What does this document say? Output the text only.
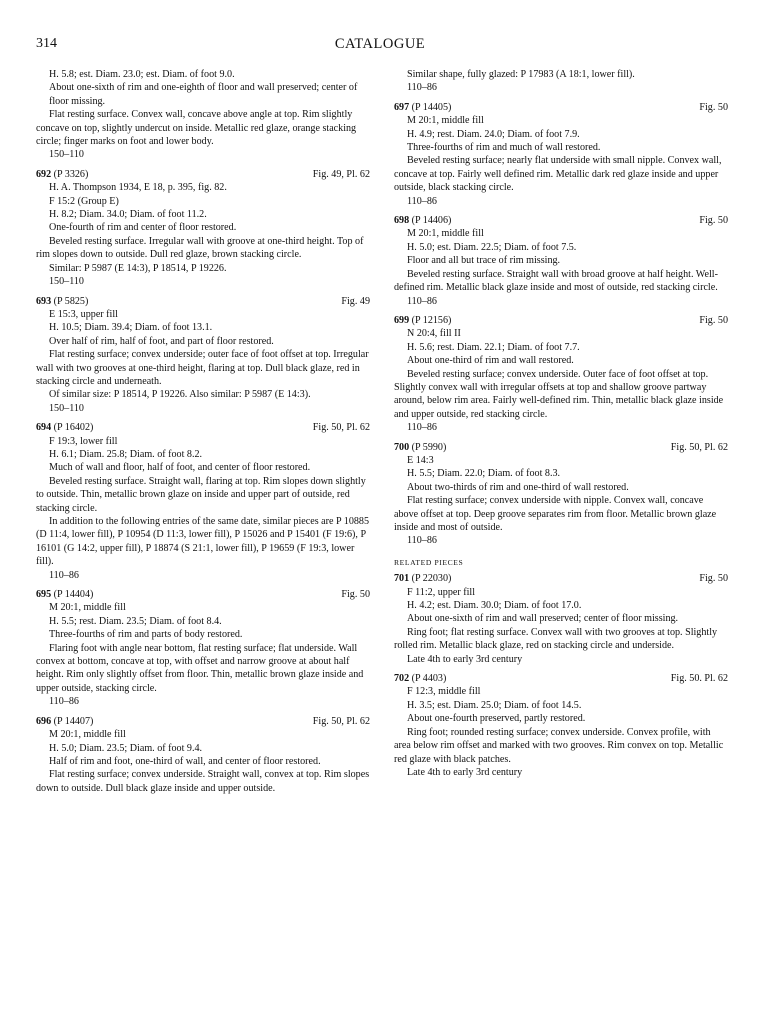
314	CATALOGUE

H. 5.8; est. Diam. 23.0; est. Diam. of foot 9.0.

About one-sixth of rim and one-eighth of floor and wall preserved; center of floor missing.

Flat resting surface. Convex wall, concave above angle at top. Rim slightly concave on top, slightly undercut on inside. Metallic red glaze, orange stacking circle; finger marks on foot and lower body.

150–110

692 (P 3326)	Fig. 49, Pl. 62

H. A. Thompson 1934, E 18, p. 395, fig. 82.

F 15:2 (Group E)

H. 8.2; Diam. 34.0; Diam. of foot 11.2.

One-fourth of rim and center of floor restored.

Beveled resting surface. Irregular wall with groove at one-third height. Top of rim slopes down to outside. Dull red glaze, brown stacking circle.

Similar: P 5987 (E 14:3), P 18514, P 19226.

150–110

693 (P 5825)	Fig. 49

E 15:3, upper fill

H. 10.5; Diam. 39.4; Diam. of foot 13.1.

Over half of rim, half of foot, and part of floor restored.

Flat resting surface; convex underside; outer face of foot offset at top. Irregular wall with two grooves at one-third height, flaring at top. Dull black glaze, red in stacking circle and underneath.

Of similar size: P 18514, P 19226. Also similar: P 5987 (E 14:3).

150–110

694 (P 16402)	Fig. 50, Pl. 62

F 19:3, lower fill

H. 6.1; Diam. 25.8; Diam. of foot 8.2.

Much of wall and floor, half of foot, and center of floor restored.

Beveled resting surface. Straight wall, flaring at top. Rim slopes down slightly to outside. Thin, metallic brown glaze on inside and upper part of outside, red stacking circle.

In addition to the following entries of the same date, similar pieces are P 10885 (D 11:4, lower fill), P 10954 (D 11:3, lower fill), P 15026 and P 15401 (F 19:6), P 16101 (G 14:2, upper fill), P 18874 (S 21:1, lower fill), P 19659 (F 19:3, lower fill).

110–86

695 (P 14404)	Fig. 50

M 20:1, middle fill

H. 5.5; rest. Diam. 23.5; Diam. of foot 8.4.

Three-fourths of rim and parts of body restored.

Flaring foot with angle near bottom, flat resting surface; flat underside. Wall convex at bottom, concave at top, with offset and narrow groove at about half height. Rim only slightly offset from floor. Thin, metallic brown glaze inside and upper outside, stacking circle.

110–86

696 (P 14407)	Fig. 50, Pl. 62

M 20:1, middle fill

H. 5.0; Diam. 23.5; Diam. of foot 9.4.

Half of rim and foot, one-third of wall, and center of floor restored.

Flat resting surface; convex underside. Straight wall, convex at top. Rim slopes down to outside. Dull black glaze inside and upper outside.

Similar shape, fully glazed: P 17983 (A 18:1, lower fill).

110–86

697 (P 14405)	Fig. 50

M 20:1, middle fill

H. 4.9; rest. Diam. 24.0; Diam. of foot 7.9.

Three-fourths of rim and much of wall restored.

Beveled resting surface; nearly flat underside with small nipple. Convex wall, concave at top. Fairly well defined rim. Metallic dark red glaze inside and upper outside, black stacking circle.

110–86

698 (P 14406)	Fig. 50

M 20:1, middle fill

H. 5.0; est. Diam. 22.5; Diam. of foot 7.5.

Floor and all but trace of rim missing.

Beveled resting surface. Straight wall with broad groove at half height. Well-defined rim. Metallic black glaze inside and most of outside, red stacking circle.

110–86

699 (P 12156)	Fig. 50

N 20:4, fill II

H. 5.6; rest. Diam. 22.1; Diam. of foot 7.7.

About one-third of rim and wall restored.

Beveled resting surface; convex underside. Outer face of foot offset at top. Slightly convex wall with irregular offsets at top and shallow groove partway around, below rim area. Fairly well-defined rim. Thin, metallic black glaze inside and upper outside, red stacking circle.

110–86

700 (P 5990)	Fig. 50, Pl. 62

E 14:3

H. 5.5; Diam. 22.0; Diam. of foot 8.3.

About two-thirds of rim and one-third of wall restored.

Flat resting surface; convex underside with nipple. Convex wall, concave above offset at top. Deep groove separates rim from floor. Metallic brown glaze inside and most of outside.

110–86

RELATED PIECES
701 (P 22030)	Fig. 50

F 11:2, upper fill

H. 4.2; est. Diam. 30.0; Diam. of foot 17.0.

About one-sixth of rim and wall preserved; center of floor missing.

Ring foot; flat resting surface. Convex wall with two grooves at top. Slightly rolled rim. Metallic black glaze, red on stacking circle and underside.

Late 4th to early 3rd century

702 (P 4403)	Fig. 50. Pl. 62

F 12:3, middle fill

H. 3.5; est. Diam. 25.0; Diam. of foot 14.5.

About one-fourth preserved, partly restored.

Ring foot; rounded resting surface; convex underside. Convex profile, with area below rim offset and marked with two grooves. Rim convex on top. Metallic red glaze with black patches.

Late 4th to early 3rd century
